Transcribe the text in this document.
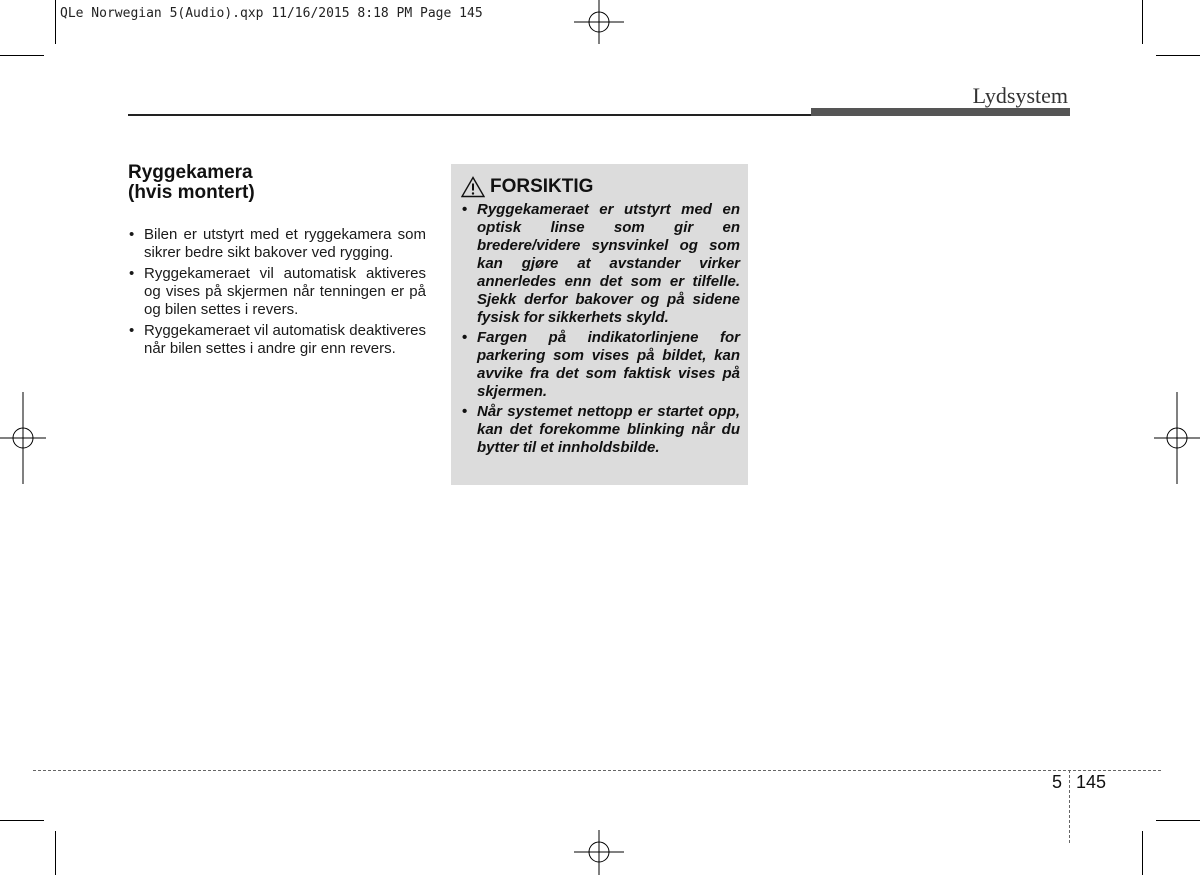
QLe Norwegian 5(Audio).qxp 11/16/2015 8:18 PM Page 145
Lydsystem
Ryggekamera
(hvis montert)
• Bilen er utstyrt med et ryggekamera som sikrer bedre sikt bakover ved rygging.
• Ryggekameraet vil automatisk aktiveres og vises på skjermen når tenningen er på og bilen settes i revers.
• Ryggekameraet vil automatisk deaktiveres når bilen settes i andre gir enn revers.
FORSIKTIG
• Ryggekameraet er utstyrt med en optisk linse som gir en bredere/videre synsvinkel og som kan gjøre at avstander virker annerledes enn det som er tilfelle. Sjekk derfor bakover og på sidene fysisk for sikkerhets skyld.
• Fargen på indikatorlinjene for parkering som vises på bildet, kan avvike fra det som faktisk vises på skjermen.
• Når systemet nettopp er startet opp, kan det forekomme blinking når du bytter til et innholdsbilde.
5 145
